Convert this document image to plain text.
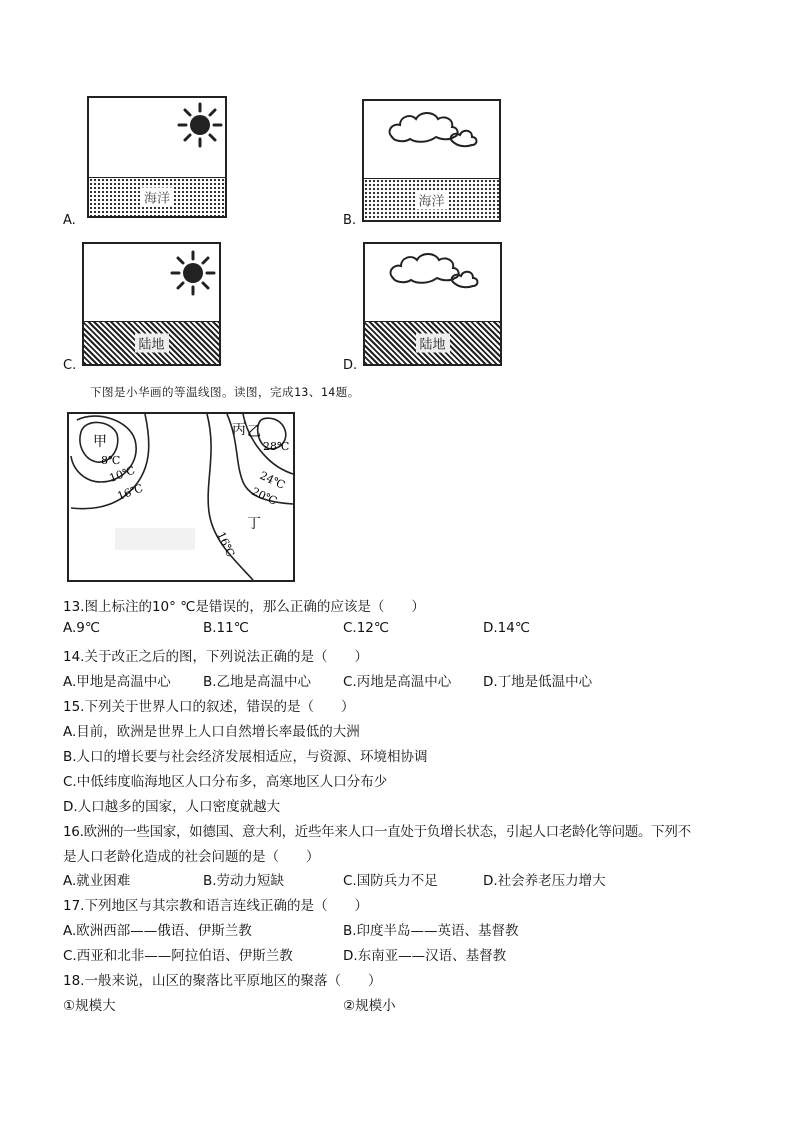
A.
海洋
B.
海洋
C.
陆地
D.
陆地
下图是小华画的等温线图。读图，完成13、14题。
甲
乙
丙
丁
8℃
10℃
16℃
28℃
24℃
20℃
16℃
13.图上标注的10° ℃是错误的，那么正确的应该是（　　）
A.9℃	B.11℃	C.12℃	D.14℃
14.关于改正之后的图，下列说法正确的是（　　）
A.甲地是高温中心 B.乙地是高温中心 C.丙地是高温中心 D.丁地是低温中心
15.下列关于世界人口的叙述，错误的是（　　）
A.目前，欧洲是世界上人口自然增长率最低的大洲
B.人口的增长要与社会经济发展相适应，与资源、环境相协调
C.中低纬度临海地区人口分布多，高寒地区人口分布少
D.人口越多的国家，人口密度就越大
16.欧洲的一些国家，如德国、意大利，近些年来人口一直处于负增长状态，引起人口老龄化等问题。下列不
是人口老龄化造成的社会问题的是（　　）
A.就业困难	B.劳动力短缺	C.国防兵力不足	D.社会养老压力增大
17.下列地区与其宗教和语言连线正确的是（　　）
A.欧洲西部——俄语、伊斯兰教	B.印度半岛——英语、基督教
C.西亚和北非——阿拉伯语、伊斯兰教	D.东南亚——汉语、基督教
18.一般来说，山区的聚落比平原地区的聚落（　　）
①规模大	②规模小
